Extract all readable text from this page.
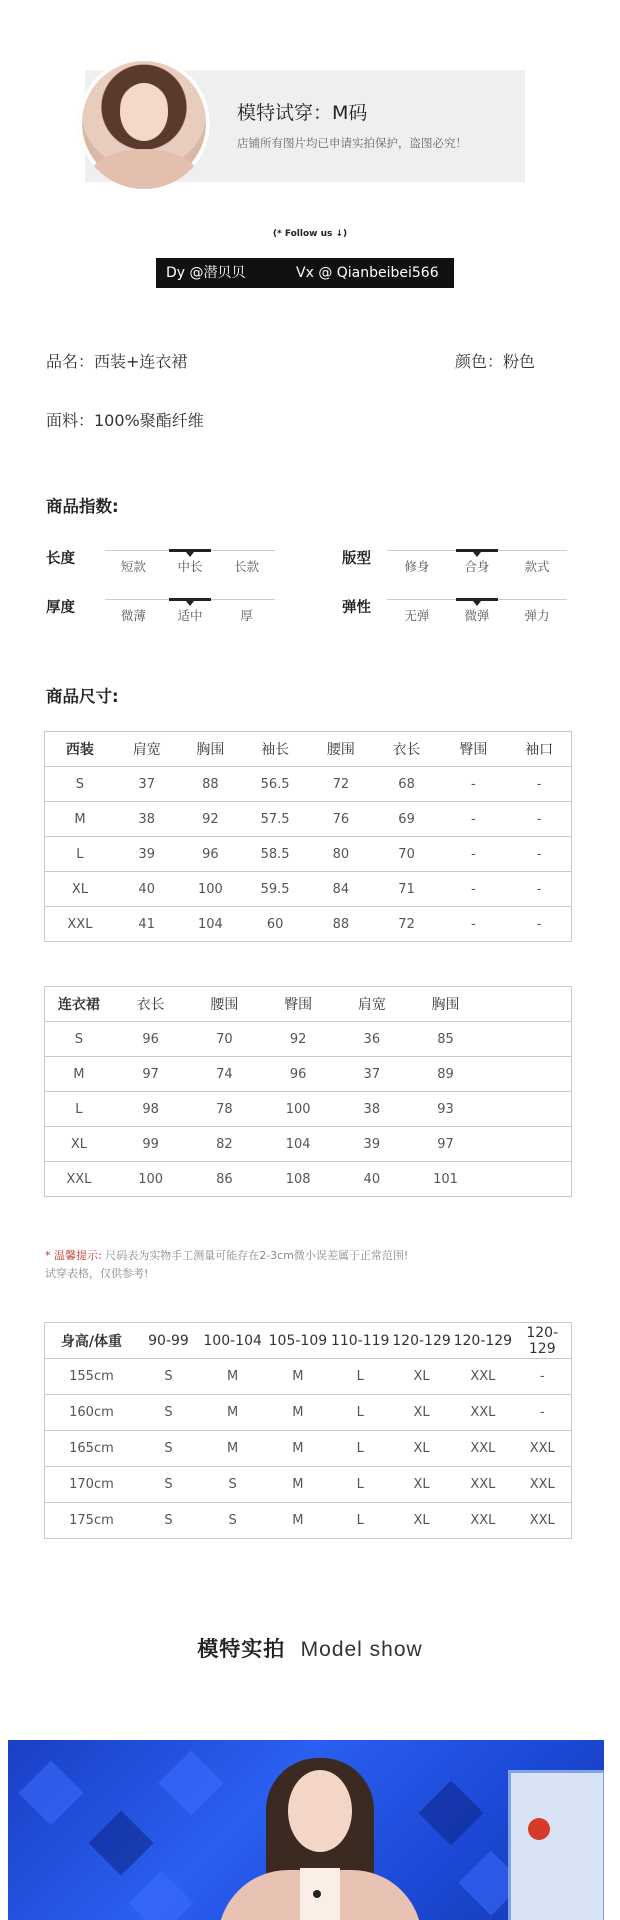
模特试穿：M码
店铺所有图片均已申请实拍保护，盗图必究！
(* Follow us ↓)
Dy @潜贝贝	Vx @ Qianbeibei566
品名：西装+连衣裙	颜色：粉色
面料：100%聚酯纤维
商品指数:
长度	短款	中长	长款	版型	修身	合身	款式
厚度	微薄	适中	厚	弹性	无弹	微弹	弹力
商品尺寸:
西装	肩宽	胸围	袖长	腰围	衣长	臀围	袖口
S	37	88	56.5	72	68	-	-
M	38	92	57.5	76	69	-	-
L	39	96	58.5	80	70	-	-
XL	40	100	59.5	84	71	-	-
XXL	41	104	60	88	72	-	-
连衣裙	衣长	腰围	臀围	肩宽	胸围		
S	96	70	92	36	85		
M	97	74	96	37	89		
L	98	78	100	38	93		
XL	99	82	104	39	97		
XXL	100	86	108	40	101		
* 温馨提示: 尺码表为实物手工测量可能存在2-3cm微小误差属于正常范围!
试穿表格，仅供参考!
身高/体重	90-99	100-104	105-109	110-119	120-129	120-129	120-129
155cm	S	M	M	L	XL	XXL	-
160cm	S	M	M	L	XL	XXL	-
165cm	S	M	M	L	XL	XXL	XXL
170cm	S	S	M	L	XL	XXL	XXL
175cm	S	S	M	L	XL	XXL	XXL
模特实拍 Model show
